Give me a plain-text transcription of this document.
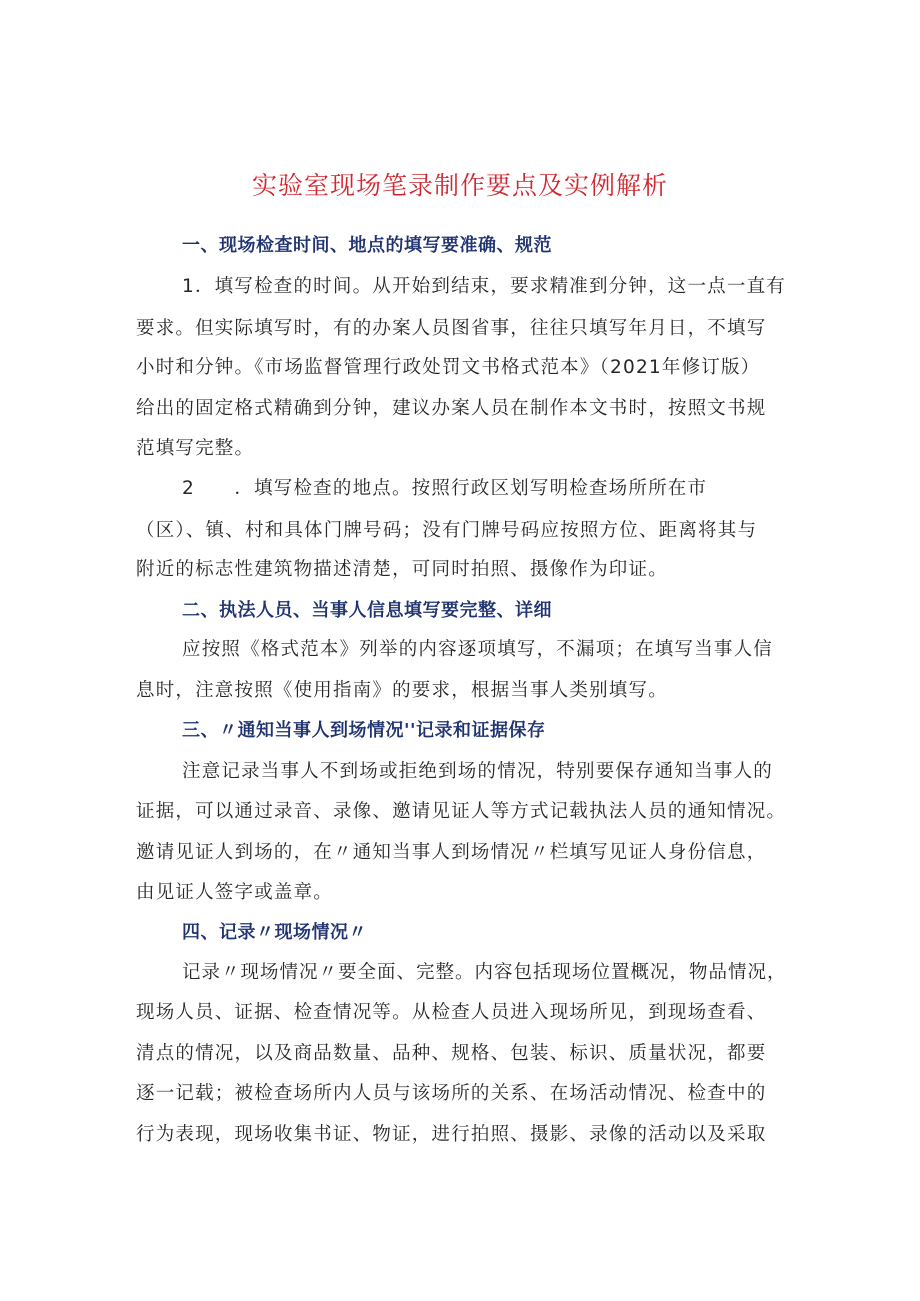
实验室现场笔录制作要点及实例解析
一、现场检查时间、地点的填写要准确、规范
1．填写检查的时间。从开始到结束，要求精准到分钟，这一点一直有
要求。但实际填写时，有的办案人员图省事，往往只填写年月日，不填写
小时和分钟。《市场监督管理行政处罚文书格式范本》（2021年修订版）
给出的固定格式精确到分钟，建议办案人员在制作本文书时，按照文书规
范填写完整。
2　　．填写检查的地点。按照行政区划写明检查场所所在市
（区）、镇、村和具体门牌号码；没有门牌号码应按照方位、距离将其与
附近的标志性建筑物描述清楚，可同时拍照、摄像作为印证。
二、执法人员、当事人信息填写要完整、详细
应按照《格式范本》列举的内容逐项填写，不漏项；在填写当事人信
息时，注意按照《使用指南》的要求，根据当事人类别填写。
三、〃通知当事人到场情况''记录和证据保存
注意记录当事人不到场或拒绝到场的情况，特别要保存通知当事人的
证据，可以通过录音、录像、邀请见证人等方式记载执法人员的通知情况。
邀请见证人到场的，在〃通知当事人到场情况〃栏填写见证人身份信息，
由见证人签字或盖章。
四、记录〃现场情况〃
记录〃现场情况〃要全面、完整。内容包括现场位置概况，物品情况，
现场人员、证据、检查情况等。从检查人员进入现场所见，到现场查看、
清点的情况，以及商品数量、品种、规格、包装、标识、质量状况，都要
逐一记载；被检查场所内人员与该场所的关系、在场活动情况、检查中的
行为表现，现场收集书证、物证，进行拍照、摄影、录像的活动以及采取
